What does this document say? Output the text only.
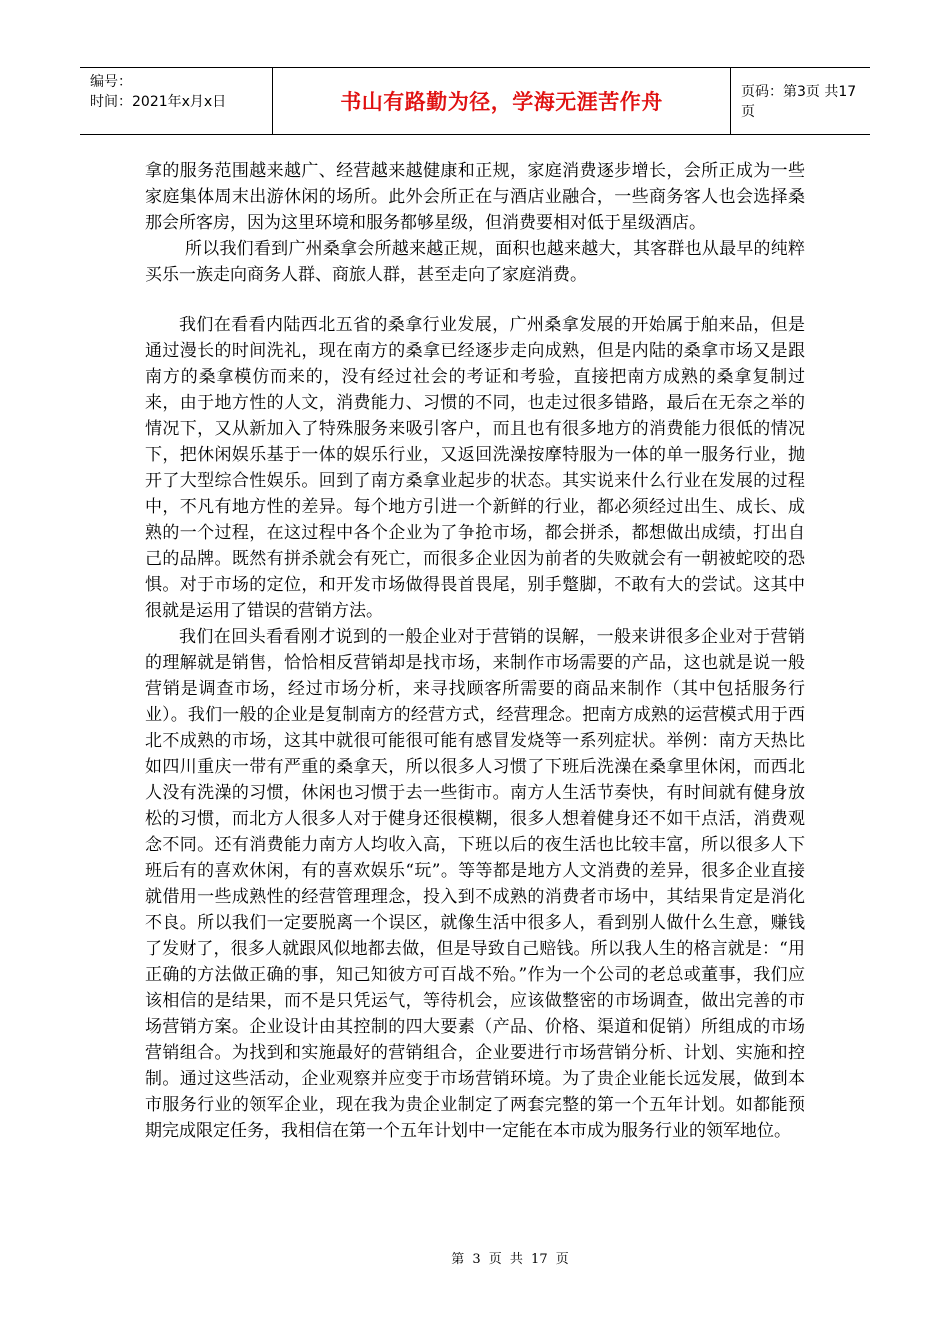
编号：
时间：2021年x月x日	书山有路勤为径，学海无涯苦作舟	页码：第3页 共17页

拿的服务范围越来越广、经营越来越健康和正规，家庭消费逐步增长，会所正成为一些家庭集体周末出游休闲的场所。此外会所正在与酒店业融合，一些商务客人也会选择桑那会所客房，因为这里环境和服务都够星级，但消费要相对低于星级酒店。

所以我们看到广州桑拿会所越来越正规，面积也越来越大，其客群也从最早的纯粹买乐一族走向商务人群、商旅人群，甚至走向了家庭消费。

我们在看看内陆西北五省的桑拿行业发展，广州桑拿发展的开始属于舶来品，但是通过漫长的时间洗礼，现在南方的桑拿已经逐步走向成熟，但是内陆的桑拿市场又是跟南方的桑拿模仿而来的，没有经过社会的考证和考验，直接把南方成熟的桑拿复制过来，由于地方性的人文，消费能力、习惯的不同，也走过很多错路，最后在无奈之举的情况下，又从新加入了特殊服务来吸引客户，而且也有很多地方的消费能力很低的情况下，把休闲娱乐基于一体的娱乐行业，又返回洗澡按摩特服为一体的单一服务行业，抛开了大型综合性娱乐。回到了南方桑拿业起步的状态。其实说来什么行业在发展的过程中，不凡有地方性的差异。每个地方引进一个新鲜的行业，都必须经过出生、成长、成熟的一个过程，在这过程中各个企业为了争抢市场，都会拼杀，都想做出成绩，打出自己的品牌。既然有拼杀就会有死亡，而很多企业因为前者的失败就会有一朝被蛇咬的恐惧。对于市场的定位，和开发市场做得畏首畏尾，别手蹩脚，不敢有大的尝试。这其中很就是运用了错误的营销方法。

我们在回头看看刚才说到的一般企业对于营销的误解，一般来讲很多企业对于营销的理解就是销售，恰恰相反营销却是找市场，来制作市场需要的产品，这也就是说一般营销是调查市场，经过市场分析，来寻找顾客所需要的商品来制作（其中包括服务行业）。我们一般的企业是复制南方的经营方式，经营理念。把南方成熟的运营模式用于西北不成熟的市场，这其中就很可能很可能有感冒发烧等一系列症状。举例：南方天热比如四川重庆一带有严重的桑拿天，所以很多人习惯了下班后洗澡在桑拿里休闲，而西北人没有洗澡的习惯，休闲也习惯于去一些街市。南方人生活节奏快，有时间就有健身放松的习惯，而北方人很多人对于健身还很模糊，很多人想着健身还不如干点活，消费观念不同。还有消费能力南方人均收入高，下班以后的夜生活也比较丰富，所以很多人下班后有的喜欢休闲，有的喜欢娱乐“玩”。等等都是地方人文消费的差异，很多企业直接就借用一些成熟性的经营管理理念，投入到不成熟的消费者市场中，其结果肯定是消化不良。所以我们一定要脱离一个误区，就像生活中很多人，看到别人做什么生意，赚钱了发财了，很多人就跟风似地都去做，但是导致自己赔钱。所以我人生的格言就是：“用正确的方法做正确的事，知己知彼方可百战不殆。”作为一个公司的老总或董事，我们应该相信的是结果，而不是只凭运气，等待机会，应该做整密的市场调查，做出完善的市场营销方案。企业设计由其控制的四大要素（产品、价格、渠道和促销）所组成的市场营销组合。为找到和实施最好的营销组合，企业要进行市场营销分析、计划、实施和控制。通过这些活动，企业观察并应变于市场营销环境。为了贵企业能长远发展，做到本市服务行业的领军企业，现在我为贵企业制定了两套完整的第一个五年计划。如都能预期完成限定任务，我相信在第一个五年计划中一定能在本市成为服务行业的领军地位。

第 3 页 共 17 页
